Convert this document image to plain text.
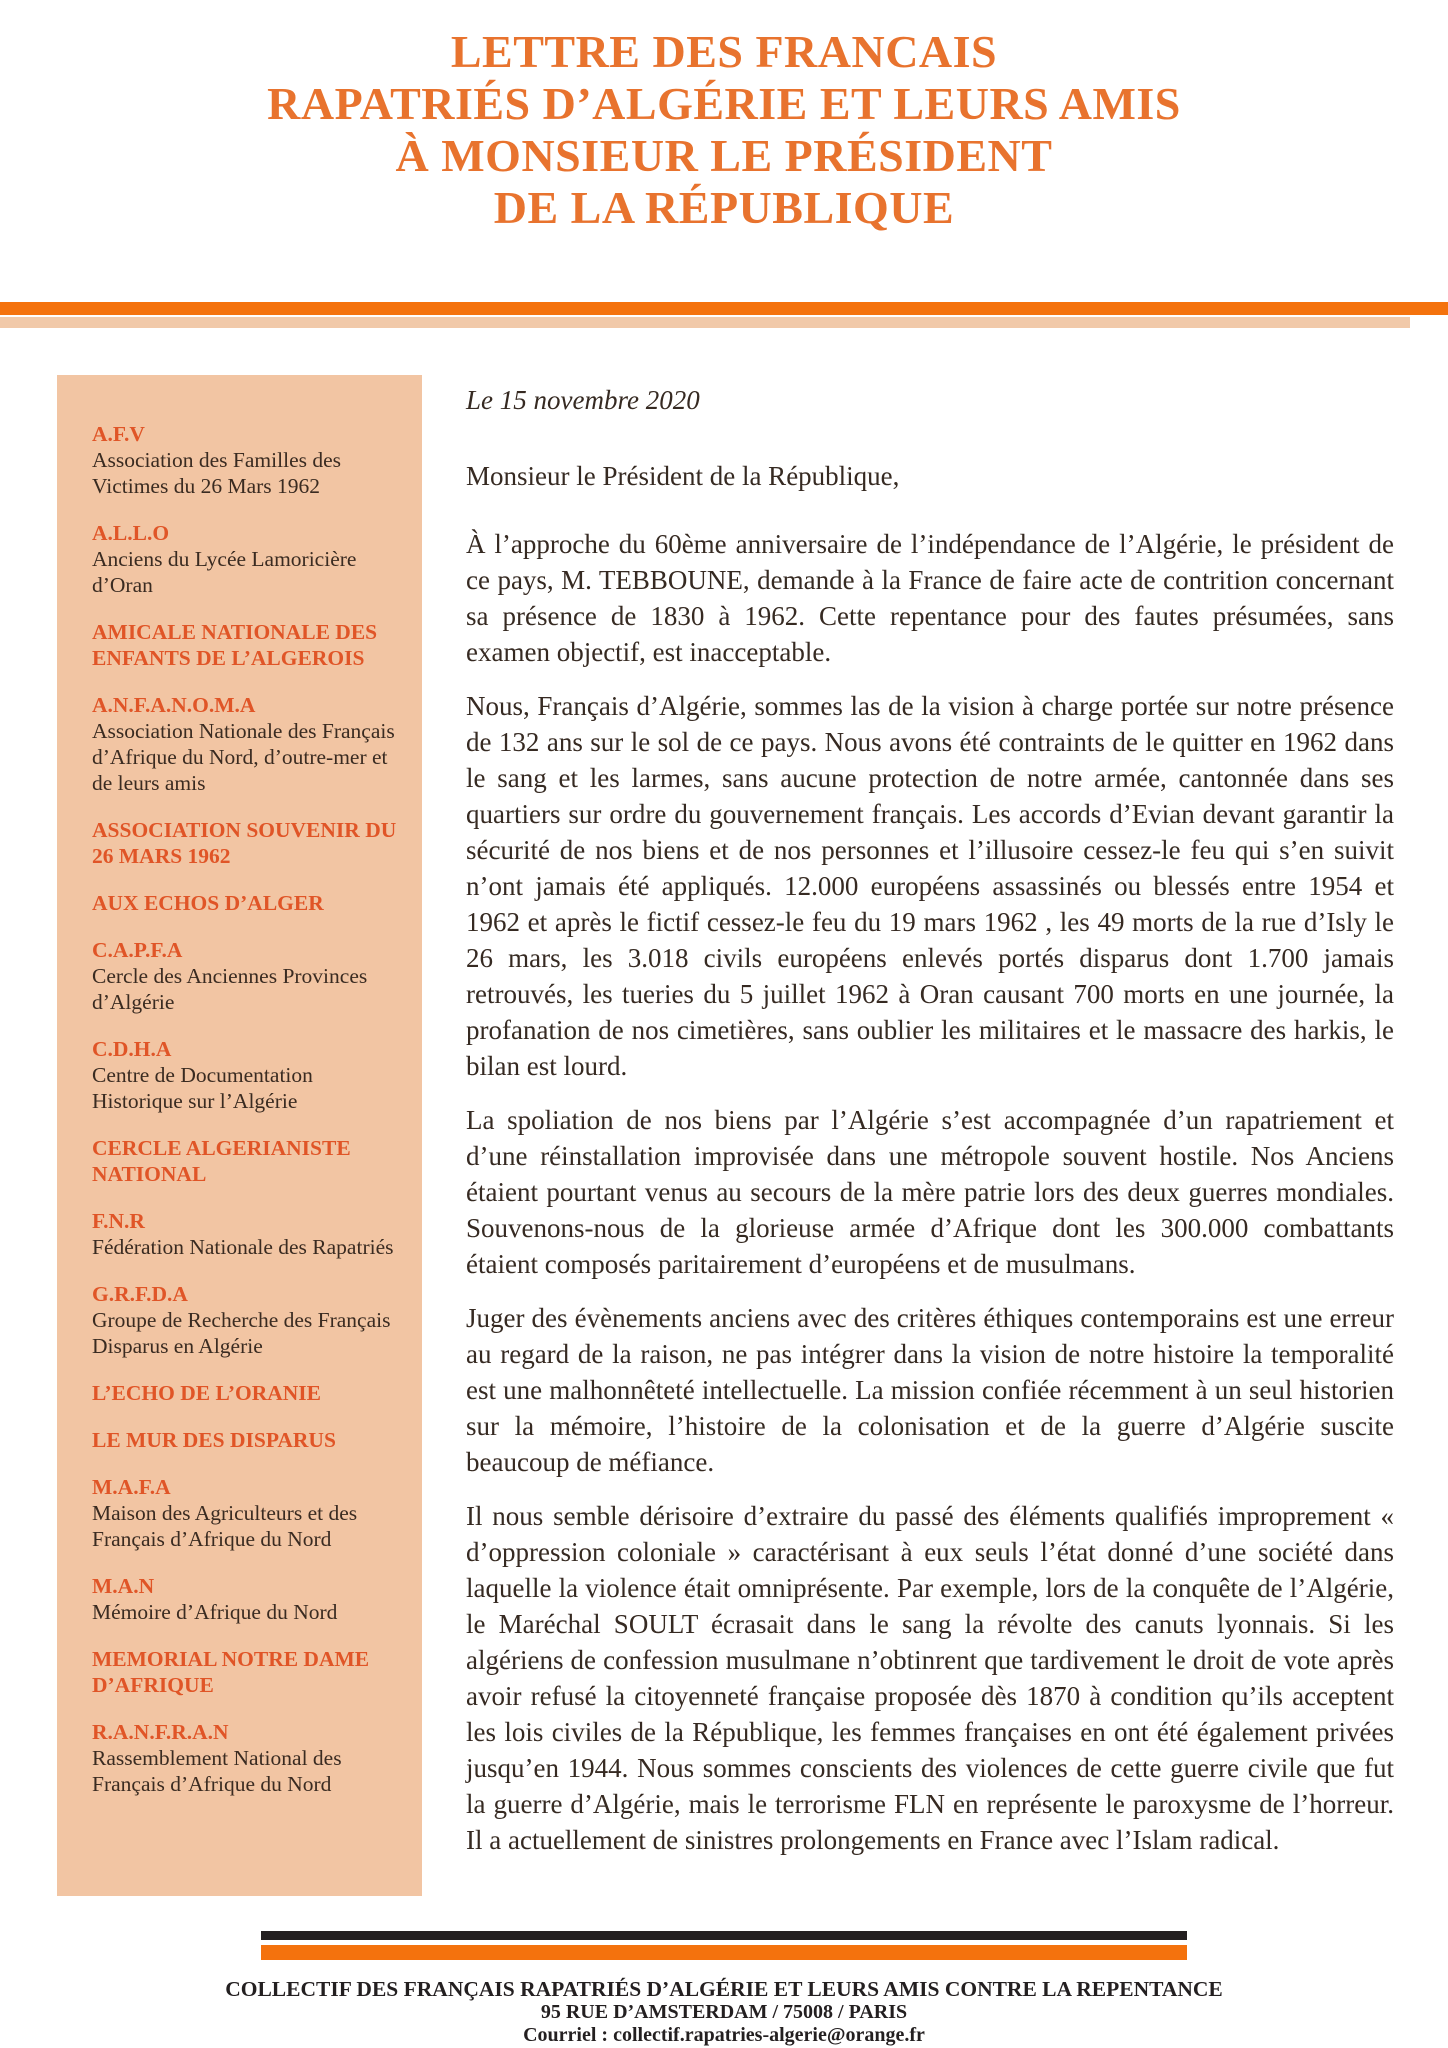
LETTRE DES FRANCAIS
RAPATRIÉS D’ALGÉRIE ET LEURS AMIS
À MONSIEUR LE PRÉSIDENT
DE LA RÉPUBLIQUE
A.F.V
Association des Familles des Victimes du 26 Mars 1962
A.L.L.O
Anciens du Lycée Lamoricière d’Oran
AMICALE NATIONALE DES ENFANTS DE L’ALGEROIS
A.N.F.A.N.O.M.A
Association Nationale des Français d’Afrique du Nord, d’outre-mer et de leurs amis
ASSOCIATION SOUVENIR DU 26 MARS 1962
AUX ECHOS D’ALGER
C.A.P.F.A
Cercle des Anciennes Provinces d’Algérie
C.D.H.A
Centre de Documentation Historique sur l’Algérie
CERCLE ALGERIANISTE NATIONAL
F.N.R
Fédération Nationale des Rapatriés
G.R.F.D.A
Groupe de Recherche des Français Disparus en Algérie
L’ECHO DE L’ORANIE
LE MUR DES DISPARUS
M.A.F.A
Maison des Agriculteurs et des Français d’Afrique du Nord
M.A.N
Mémoire d’Afrique du Nord
MEMORIAL NOTRE DAME D’AFRIQUE
R.A.N.F.R.A.N
Rassemblement National des Français d’Afrique du Nord

Le 15 novembre 2020

Monsieur le Président de la République,

À l’approche du 60ème anniversaire de l’indépendance de l’Algérie, le président de ce pays, M. TEBBOUNE, demande à la France de faire acte de contrition concernant sa présence de 1830 à 1962. Cette repentance pour des fautes présumées, sans examen objectif, est inacceptable.

Nous, Français d’Algérie, sommes las de la vision à charge portée sur notre présence de 132 ans sur le sol de ce pays. Nous avons été contraints de le quitter en 1962 dans le sang et les larmes, sans aucune protection de notre armée, cantonnée dans ses quartiers sur ordre du gouvernement français. Les accords d’Evian devant garantir la sécurité de nos biens et de nos personnes et l’illusoire cessez-le feu qui s’en suivit n’ont jamais été appliqués. 12.000 européens assassinés ou blessés entre 1954 et 1962 et après le fictif cessez-le feu du 19 mars 1962 , les 49 morts de la rue d’Isly le 26 mars, les 3.018 civils européens enlevés portés disparus dont 1.700 jamais retrouvés, les tueries du 5 juillet 1962 à Oran causant 700 morts en une journée, la profanation de nos cimetières, sans oublier les militaires et le massacre des harkis, le bilan est lourd.

La spoliation de nos biens par l’Algérie s’est accompagnée d’un rapatriement et d’une réinstallation improvisée dans une métropole souvent hostile. Nos Anciens étaient pourtant venus au secours de la mère patrie lors des deux guerres mondiales. Souvenons-nous de la glorieuse armée d’Afrique dont les 300.000 combattants étaient composés paritairement d’européens et de musulmans.

Juger des évènements anciens avec des critères éthiques contemporains est une erreur au regard de la raison, ne pas intégrer dans la vision de notre histoire la temporalité est une malhonnêteté intellectuelle. La mission confiée récemment à un seul historien sur la mémoire, l’histoire de la colonisation et de la guerre d’Algérie suscite beaucoup de méfiance.

Il nous semble dérisoire d’extraire du passé des éléments qualifiés improprement « d’oppression coloniale » caractérisant à eux seuls l’état donné d’une société dans laquelle la violence était omniprésente. Par exemple, lors de la conquête de l’Algérie, le Maréchal SOULT écrasait dans le sang la révolte des canuts lyonnais. Si les algériens de confession musulmane n’obtinrent que tardivement le droit de vote après avoir refusé la citoyenneté française proposée dès 1870 à condition qu’ils acceptent les lois civiles de la République, les femmes françaises en ont été également privées jusqu’en 1944. Nous sommes conscients des violences de cette guerre civile que fut la guerre d’Algérie, mais le terrorisme FLN en représente le paroxysme de l’horreur. Il a actuellement de sinistres prolongements en France avec l’Islam radical.

COLLECTIF DES FRANÇAIS RAPATRIÉS D’ALGÉRIE ET LEURS AMIS CONTRE LA REPENTANCE
95 RUE D’AMSTERDAM / 75008 / PARIS
Courriel : collectif.rapatries-algerie@orange.fr
